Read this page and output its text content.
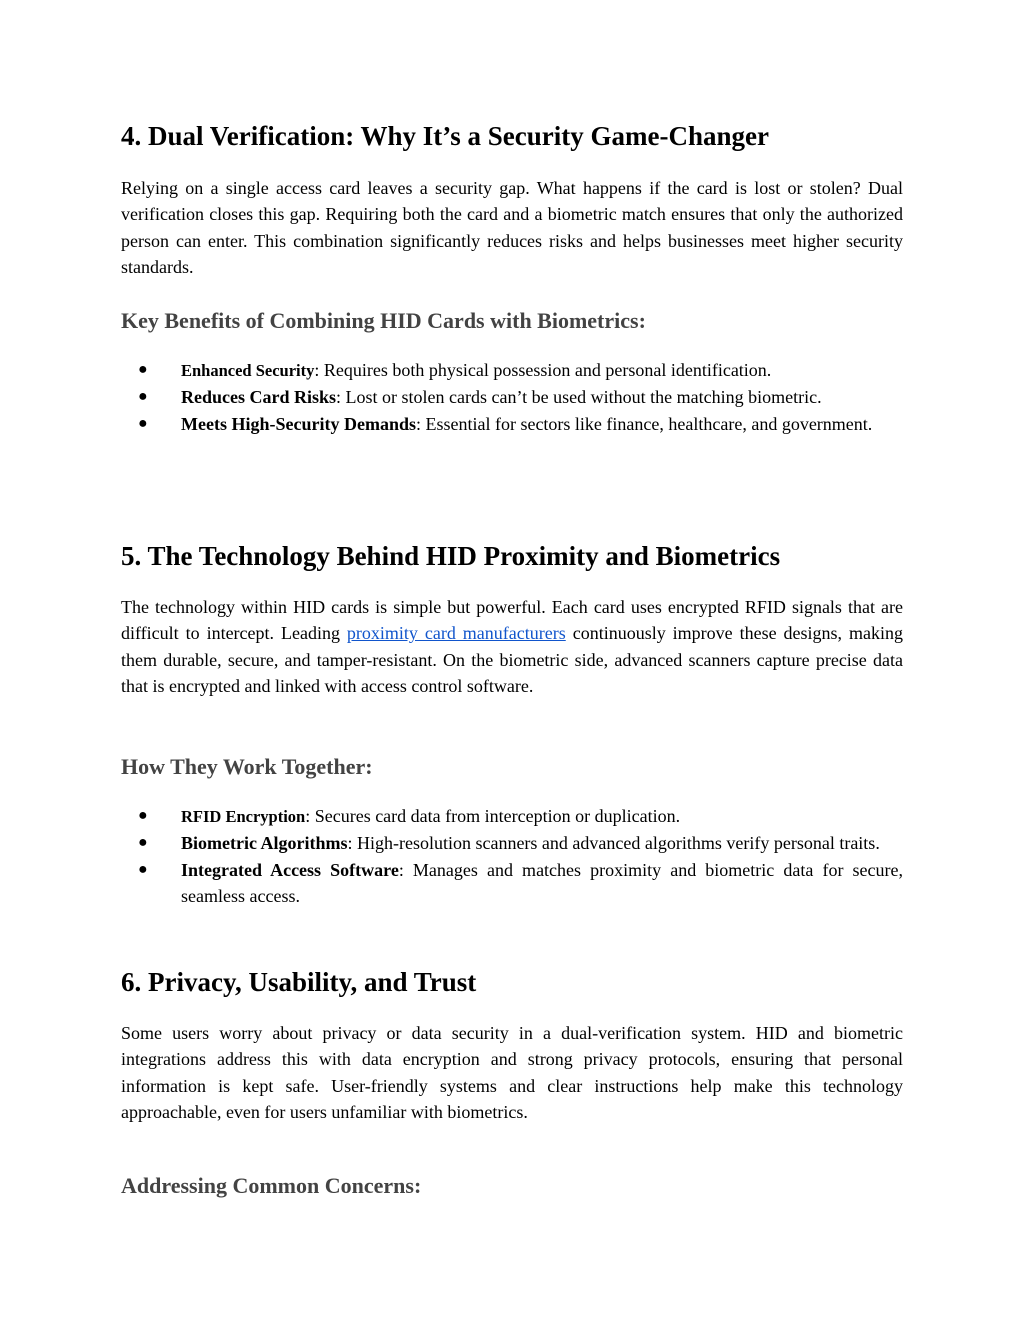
4. Dual Verification: Why It’s a Security Game-Changer

Relying on a single access card leaves a security gap. What happens if the card is lost or stolen? Dual verification closes this gap. Requiring both the card and a biometric match ensures that only the authorized person can enter. This combination significantly reduces risks and helps businesses meet higher security standards.

Key Benefits of Combining HID Cards with Biometrics:
● Enhanced Security: Requires both physical possession and personal identification.
● Reduces Card Risks: Lost or stolen cards can’t be used without the matching biometric.
● Meets High-Security Demands: Essential for sectors like finance, healthcare, and government.
5. The Technology Behind HID Proximity and Biometrics

The technology within HID cards is simple but powerful. Each card uses encrypted RFID signals that are difficult to intercept. Leading proximity card manufacturers continuously improve these designs, making them durable, secure, and tamper-resistant. On the biometric side, advanced scanners capture precise data that is encrypted and linked with access control software.

How They Work Together:
● RFID Encryption: Secures card data from interception or duplication.
● Biometric Algorithms: High-resolution scanners and advanced algorithms verify personal traits.
● Integrated Access Software: Manages and matches proximity and biometric data for secure, seamless access.
6. Privacy, Usability, and Trust

Some users worry about privacy or data security in a dual-verification system. HID and biometric integrations address this with data encryption and strong privacy protocols, ensuring that personal information is kept safe. User-friendly systems and clear instructions help make this technology approachable, even for users unfamiliar with biometrics.

Addressing Common Concerns:
